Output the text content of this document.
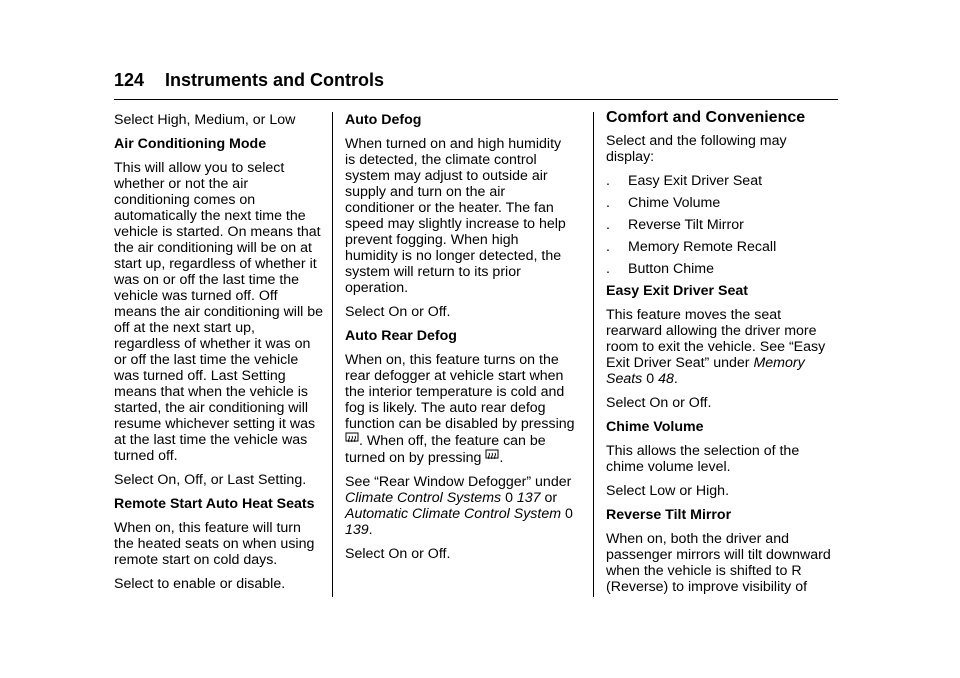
124 Instruments and Controls

Select High, Medium, or Low

Air Conditioning Mode

This will allow you to select whether or not the air conditioning comes on automatically the next time the vehicle is started. On means that the air conditioning will be on at start up, regardless of whether it was on or off the last time the vehicle was turned off. Off means the air conditioning will be off at the next start up, regardless of whether it was on or off the last time the vehicle was turned off. Last Setting means that when the vehicle is started, the air conditioning will resume whichever setting it was at the last time the vehicle was turned off.

Select On, Off, or Last Setting.

Remote Start Auto Heat Seats

When on, this feature will turn the heated seats on when using remote start on cold days.

Select to enable or disable.

Auto Defog

When turned on and high humidity is detected, the climate control system may adjust to outside air supply and turn on the air conditioner or the heater. The fan speed may slightly increase to help prevent fogging. When high humidity is no longer detected, the system will return to its prior operation.

Select On or Off.

Auto Rear Defog

When on, this feature turns on the rear defogger at vehicle start when the interior temperature is cold and fog is likely. The auto rear defog function can be disabled by pressing . When off, the feature can be turned on by pressing .

See “Rear Window Defogger” under Climate Control Systems 0 137 or Automatic Climate Control System 0 139.

Select On or Off.

Comfort and Convenience

Select and the following may display:

.	Easy Exit Driver Seat
.	Chime Volume
.	Reverse Tilt Mirror
.	Memory Remote Recall
.	Button Chime

Easy Exit Driver Seat

This feature moves the seat rearward allowing the driver more room to exit the vehicle. See “Easy Exit Driver Seat” under Memory Seats 0 48.

Select On or Off.

Chime Volume

This allows the selection of the chime volume level.

Select Low or High.

Reverse Tilt Mirror

When on, both the driver and passenger mirrors will tilt downward when the vehicle is shifted to R (Reverse) to improve visibility of
